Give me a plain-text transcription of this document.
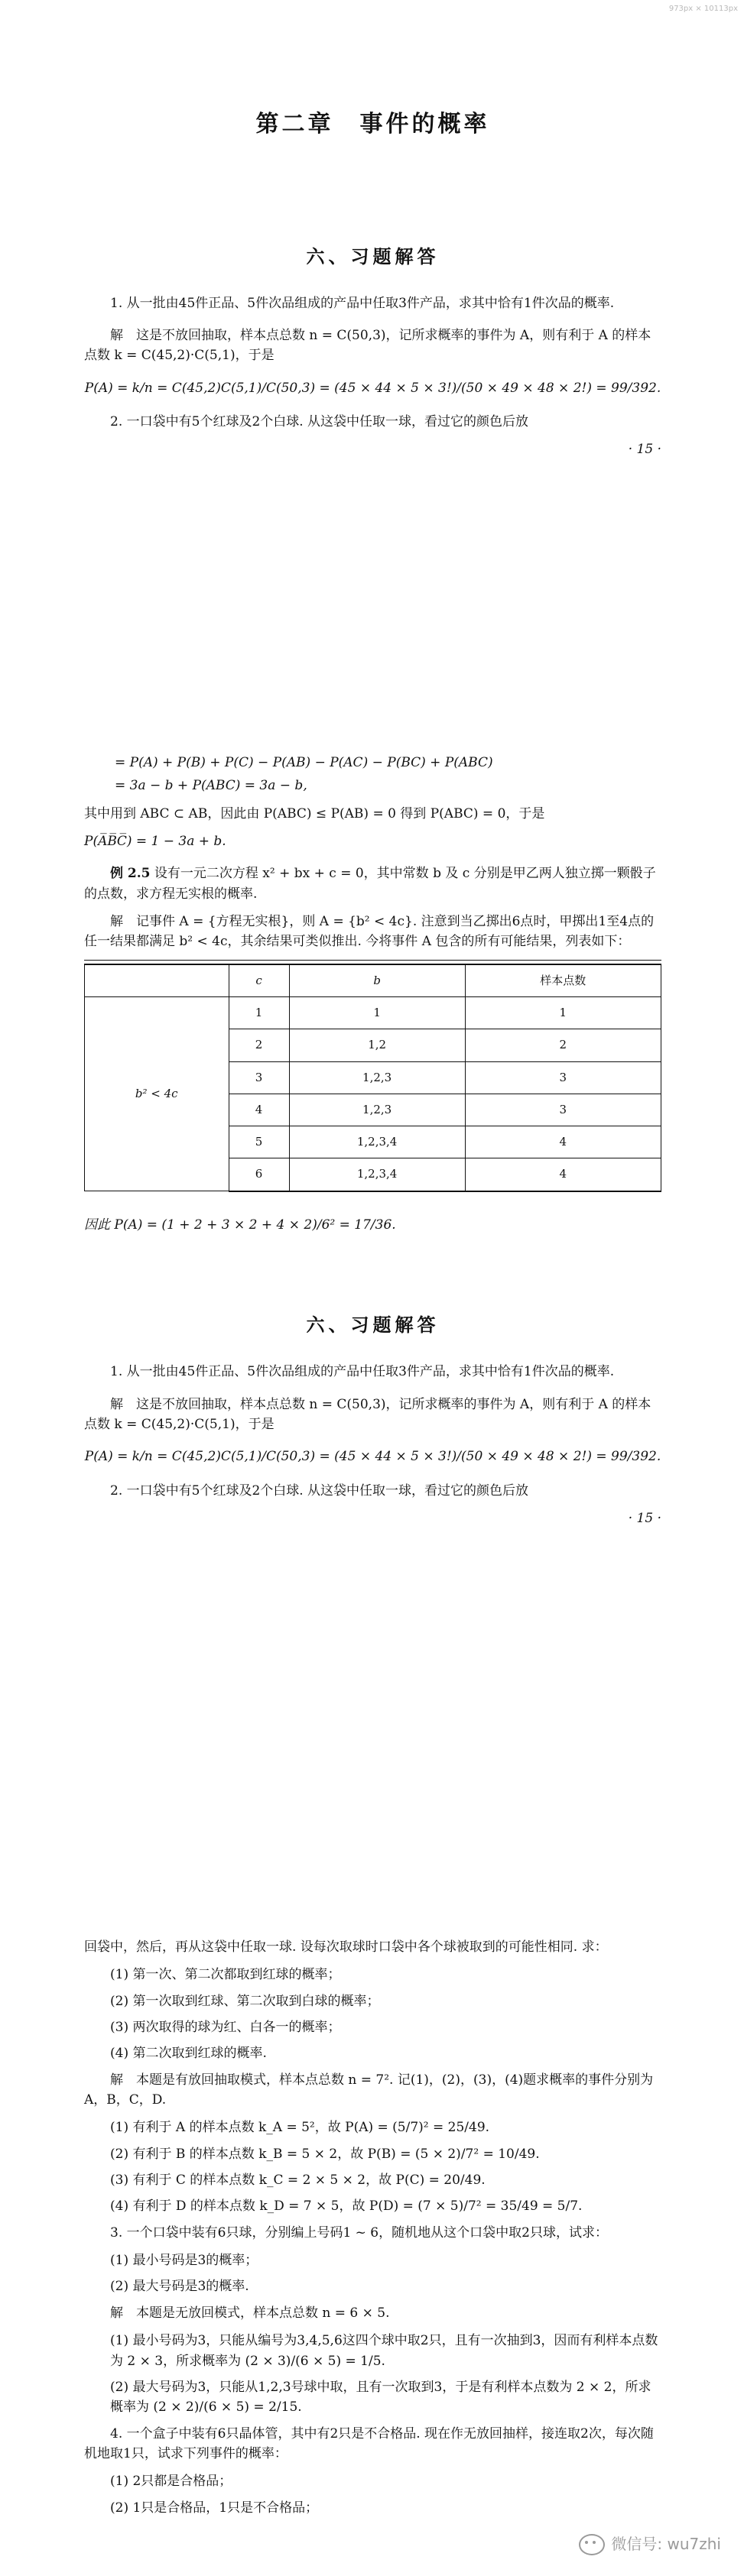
973px × 10113px
第二章　事件的概率
六、习题解答

1. 从一批由45件正品、5件次品组成的产品中任取3件产品，求其中恰有1件次品的概率.

解　这是不放回抽取，样本点总数 n = C(50,3)，记所求概率的事件为 A，则有利于 A 的样本点数 k = C(45,2)·C(5,1)，于是

P(A) = k/n = C(45,2)C(5,1)/C(50,3) = (45 × 44 × 5 × 3!)/(50 × 49 × 48 × 2!) = 99/392.

2. 一口袋中有5个红球及2个白球. 从这袋中任取一球，看过它的颜色后放

· 15 ·

= P(A) + P(B) + P(C) − P(AB) − P(AC) − P(BC) + P(ABC)

= 3a − b + P(ABC) = 3a − b,

其中用到 ABC ⊂ AB，因此由 P(ABC) ≤ P(AB) = 0 得到 P(ABC) = 0，于是

P(A̅B̅C̅) = 1 − 3a + b.

例 2.5 设有一元二次方程 x² + bx + c = 0，其中常数 b 及 c 分别是甲乙两人独立掷一颗骰子的点数，求方程无实根的概率.

解　记事件 A = {方程无实根}，则 A = {b² < 4c}. 注意到当乙掷出6点时，甲掷出1至4点的任一结果都满足 b² < 4c，其余结果可类似推出. 今将事件 A 包含的所有可能结果，列表如下：

	c	b	样本点数
b² < 4c	1	1	1
	2	1,2	2
	3	1,2,3	3
	4	1,2,3	3
	5	1,2,3,4	4
	6	1,2,3,4	4

因此 P(A) = (1 + 2 + 3 × 2 + 4 × 2)/6² = 17/36.

六、习题解答

1. 从一批由45件正品、5件次品组成的产品中任取3件产品，求其中恰有1件次品的概率.

解　这是不放回抽取，样本点总数 n = C(50,3)，记所求概率的事件为 A，则有利于 A 的样本点数 k = C(45,2)·C(5,1)，于是

P(A) = k/n = C(45,2)C(5,1)/C(50,3) = (45 × 44 × 5 × 3!)/(50 × 49 × 48 × 2!) = 99/392.

2. 一口袋中有5个红球及2个白球. 从这袋中任取一球，看过它的颜色后放

· 15 ·

回袋中，然后，再从这袋中任取一球. 设每次取球时口袋中各个球被取到的可能性相同. 求：

(1) 第一次、第二次都取到红球的概率；
(2) 第一次取到红球、第二次取到白球的概率；
(3) 两次取得的球为红、白各一的概率；
(4) 第二次取到红球的概率.

解　本题是有放回抽取模式，样本点总数 n = 7². 记(1)，(2)，(3)，(4)题求概率的事件分别为 A，B，C，D.

(1) 有利于 A 的样本点数 k_A = 5²，故 P(A) = (5/7)² = 25/49.
(2) 有利于 B 的样本点数 k_B = 5 × 2，故 P(B) = (5 × 2)/7² = 10/49.
(3) 有利于 C 的样本点数 k_C = 2 × 5 × 2，故 P(C) = 20/49.
(4) 有利于 D 的样本点数 k_D = 7 × 5，故 P(D) = (7 × 5)/7² = 35/49 = 5/7.

3. 一个口袋中装有6只球，分别编上号码1 ~ 6，随机地从这个口袋中取2只球，试求：

(1) 最小号码是3的概率；
(2) 最大号码是3的概率.

解　本题是无放回模式，样本点总数 n = 6 × 5.

(1) 最小号码为3，只能从编号为3,4,5,6这四个球中取2只，且有一次抽到3，因而有利样本点数为 2 × 3，所求概率为 (2 × 3)/(6 × 5) = 1/5.
(2) 最大号码为3，只能从1,2,3号球中取，且有一次取到3，于是有利样本点数为 2 × 2，所求概率为 (2 × 2)/(6 × 5) = 2/15.

4. 一个盒子中装有6只晶体管，其中有2只是不合格品. 现在作无放回抽样，接连取2次，每次随机地取1只，试求下列事件的概率：

(1) 2只都是合格品；
(2) 1只是合格品，1只是不合格品；
微信号: wu7zhi
